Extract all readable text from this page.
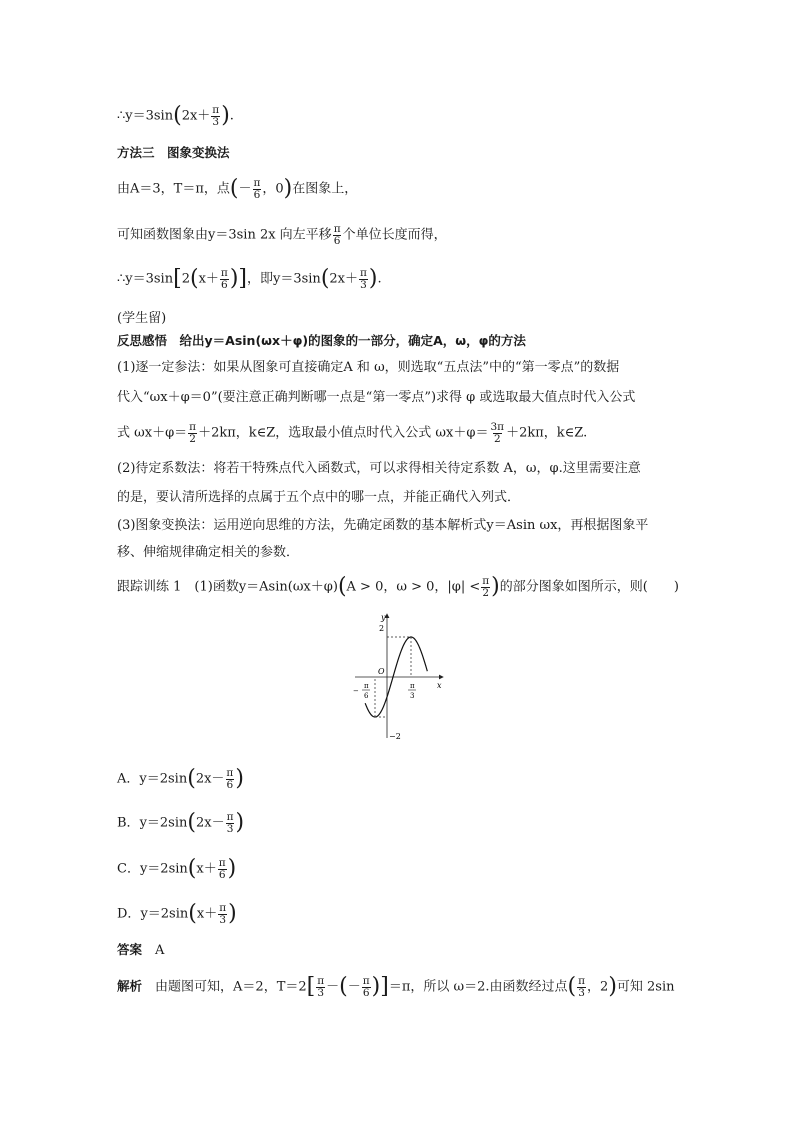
∴y＝3sin(2x＋ $\frac{\pi}{3}$ ).
方法三　图象变换法
由A＝3，T＝π，点(－ $\frac{\pi}{6}$ ，0)在图象上，
可知函数图象由y＝3sin 2x 向左平移 $\frac{\pi}{6}$ 个单位长度而得，
∴y＝3sin[2(x＋ $\frac{\pi}{6}$ )]，即$y=3\sin(2x+ \frac{\pi}{3}$ ).
(学生留)
反思感悟　给出y＝Asin(ωx＋φ)的图象的一部分，确定A，ω，φ的方法
(1)逐一定参法：如果从图象可直接确定A 和 ω，则选取“五点法”中的“第一零点”的数据
代入“ωx＋φ＝0”(要注意正确判断哪一点是“第一零点”)求得 φ 或选取最大值点时代入公式
式 $\omega x+\varphi= \frac{\pi}{2} +2k\pi$，k∈Z，选取最小值点时代入公式 $\omega x+\varphi= \frac{3\pi}{2} +2k\pi$，k∈Z.
(2)待定系数法：将若干特殊点代入函数式，可以求得相关待定系数 A，ω，φ.这里需要注意
的是，要认清所选择的点属于五个点中的哪一点，并能正确代入列式．
(3)图象变换法：运用逆向思维的方法，先确定函数的基本解析式y＝Asin ωx，再根据图象平
移、伸缩规律确定相关的参数．
跟踪训练 1　(1)函数y＝Asin(ωx＋φ)(A > 0，ω > 0，$|\varphi| < \frac{\pi}{2}$ )的部分图象如图所示，则(　　)
y
x
O
2
−2
−
π
6
π
3
A．$y=2\sin(2x- \frac{\pi}{6}$ )
B．$y=2\sin(2x- \frac{\pi}{3}$ )
C．$y=2\sin(x+ \frac{\pi}{6}$ )
D．$y=2\sin(x+ \frac{\pi}{3}$ )
答案　 A
解析　 由题图可知，A＝2，$T=2[ \frac{\pi}{3}$ －(－ $\frac{\pi}{6} )]=\pi$，所以 ω＝2.由函数经过点( $\frac{\pi}{3}$ ，2)可知 2sin
